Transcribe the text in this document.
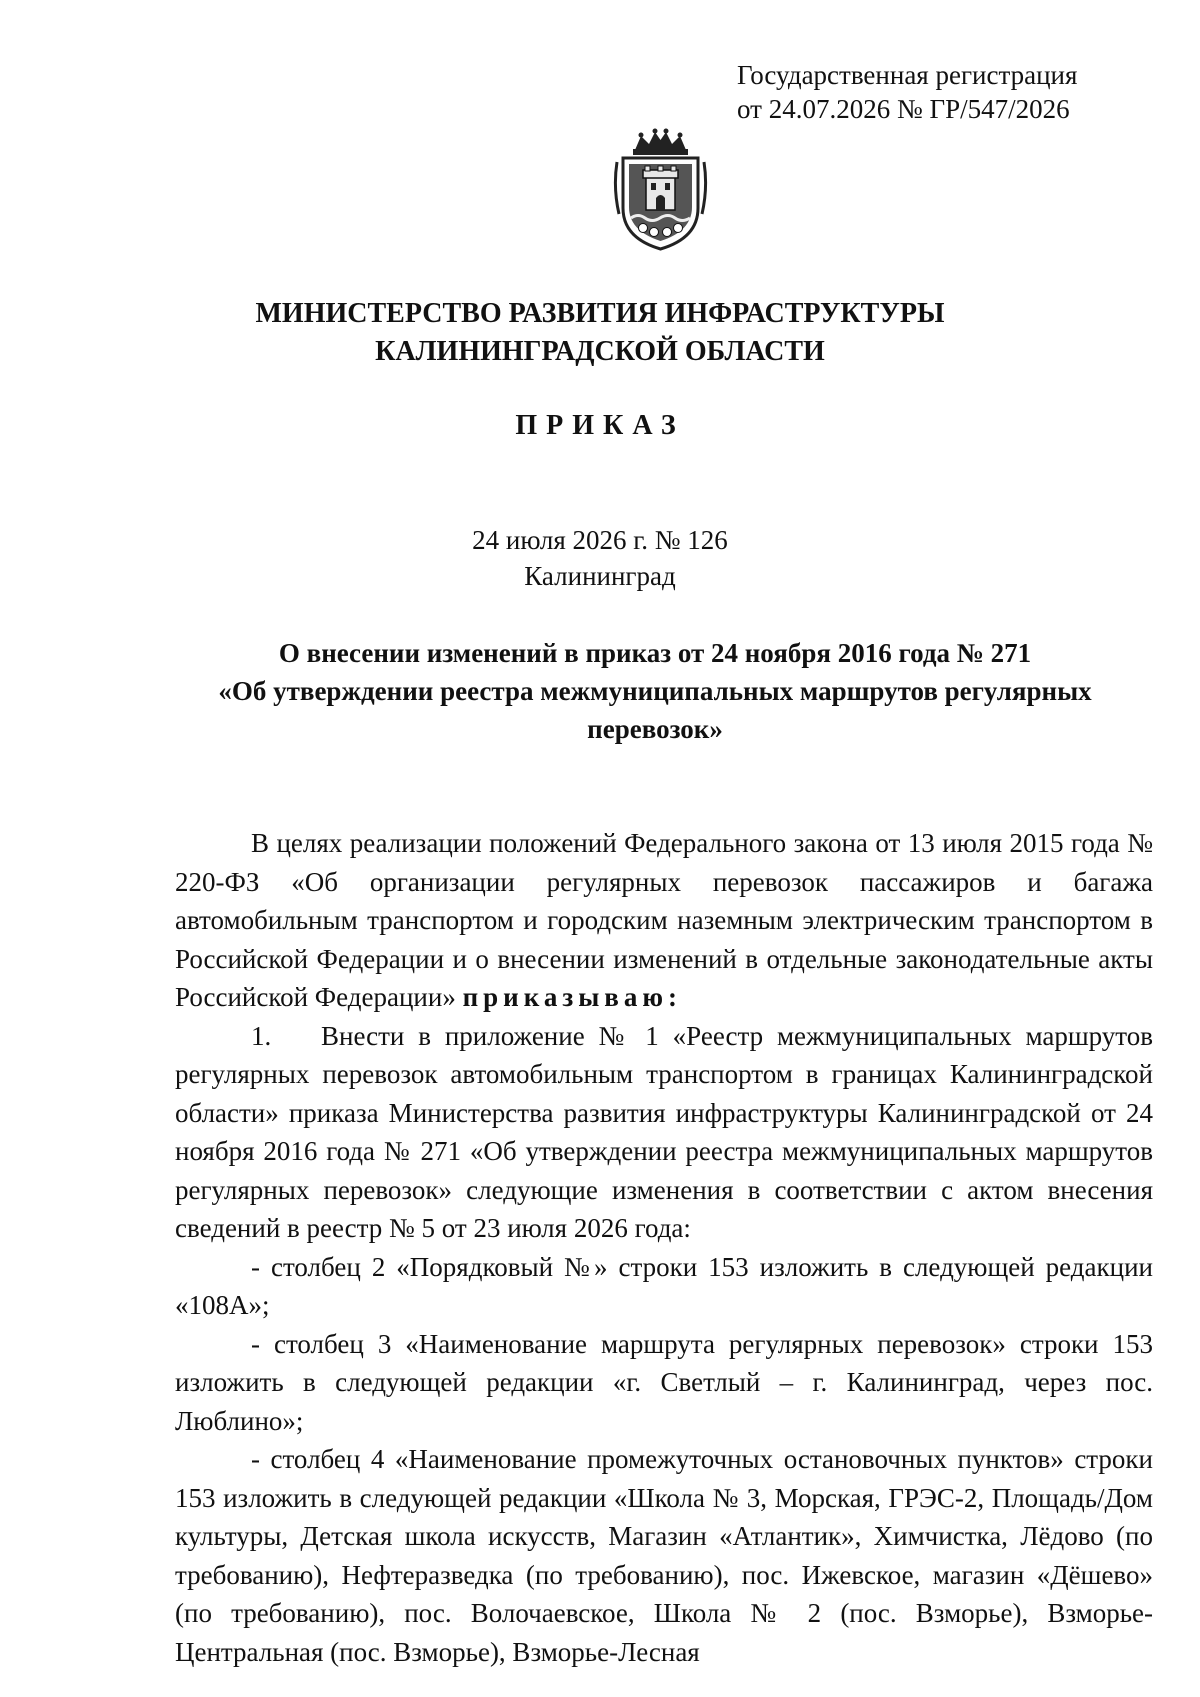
Государственная регистрация
от 24.07.2026 № ГР/547/2026
МИНИСТЕРСТВО РАЗВИТИЯ ИНФРАСТРУКТУРЫ
КАЛИНИНГРАДСКОЙ ОБЛАСТИ
ПРИКАЗ
24 июля 2026 г. № 126
Калининград
О внесении изменений в приказ от 24 ноября 2016 года № 271
«Об утверждении реестра межмуниципальных маршрутов регулярных
перевозок»

В целях реализации положений Федерального закона от 13 июля 2015 года № 220-ФЗ «Об организации регулярных перевозок пассажиров и багажа автомобильным транспортом и городским наземным электрическим транспортом в Российской Федерации и о внесении изменений в отдельные законодательные акты Российской Федерации» приказываю:

1. Внести в приложение № 1 «Реестр межмуниципальных маршрутов регулярных перевозок автомобильным транспортом в границах Калининградской области» приказа Министерства развития инфраструктуры Калининградской от 24 ноября 2016 года № 271 «Об утверждении реестра межмуниципальных маршрутов регулярных перевозок» следующие изменения в соответствии с актом внесения сведений в реестр № 5 от 23 июля 2026 года:

- столбец 2 «Порядковый №» строки 153 изложить в следующей редакции «108А»;

- столбец 3 «Наименование маршрута регулярных перевозок» строки 153 изложить в следующей редакции «г. Светлый – г. Калининград, через пос. Люблино»;

- столбец 4 «Наименование промежуточных остановочных пунктов» строки 153 изложить в следующей редакции «Школа № 3, Морская, ГРЭС-2, Площадь/Дом культуры, Детская школа искусств, Магазин «Атлантик», Химчистка, Лёдово (по требованию), Нефтеразведка (по требованию), пос. Ижевское, магазин «Дёшево» (по требованию), пос. Волочаевское, Школа № 2 (пос. Взморье), Взморье-Центральная (пос. Взморье), Взморье-Лесная
